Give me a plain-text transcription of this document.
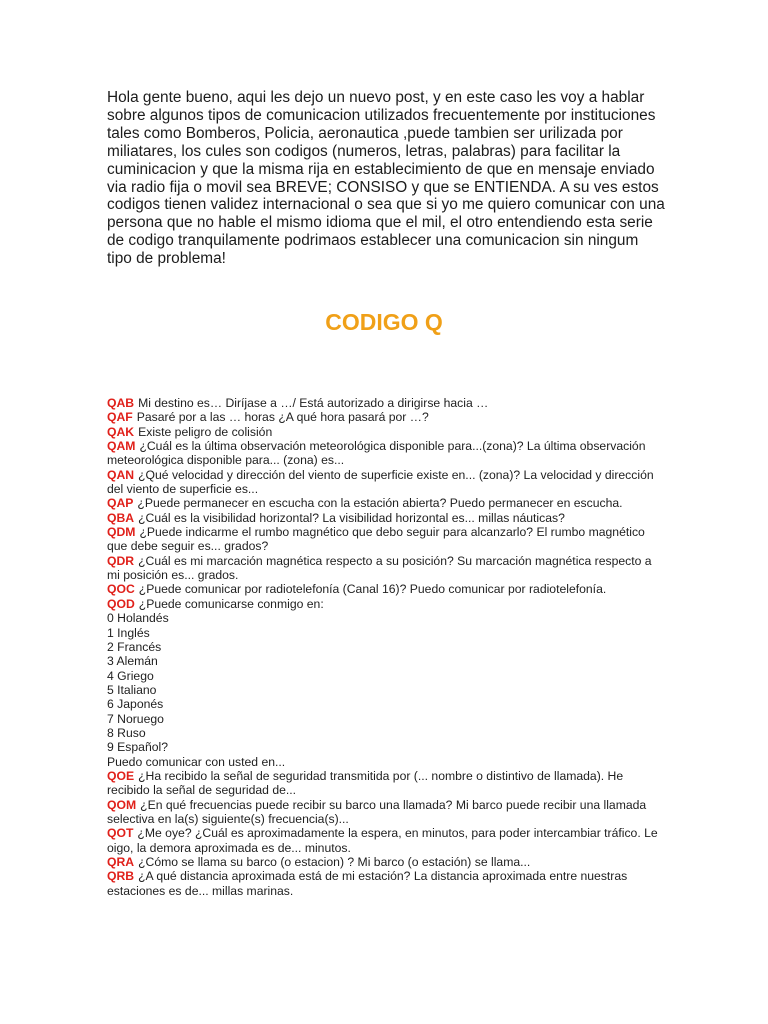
Hola gente bueno, aqui les dejo un nuevo post, y en este caso les voy a hablar sobre algunos tipos de comunicacion utilizados frecuentemente por instituciones tales como Bomberos, Policia, aeronautica ,puede tambien ser urilizada por miliatares, los cules son codigos (numeros, letras, palabras) para facilitar la cuminicacion y que la misma rija en establecimiento de que en mensaje enviado via radio fija o movil sea BREVE; CONSISO y que se ENTIENDA. A su ves estos codigos tienen validez internacional o sea que si yo me quiero comunicar con una persona que no hable el mismo idioma que el mil, el otro entendiendo esta serie de codigo tranquilamente podrimaos establecer una comunicacion sin ningum tipo de problema!

CODIGO Q
QAB Mi destino es… Diríjase a …/ Está autorizado a dirigirse hacia …
QAF Pasaré por a las … horas ¿A qué hora pasará por …?
QAK Existe peligro de colisión
QAM ¿Cuál es la última observación meteorológica disponible para...(zona)? La última observación meteorológica disponible para... (zona) es...
QAN ¿Qué velocidad y dirección del viento de superficie existe en... (zona)? La velocidad y dirección del viento de superficie es...
QAP ¿Puede permanecer en escucha con la estación abierta? Puedo permanecer en escucha.
QBA ¿Cuál es la visibilidad horizontal? La visibilidad horizontal es... millas náuticas?
QDM ¿Puede indicarme el rumbo magnético que debo seguir para alcanzarlo? El rumbo magnético que debe seguir es... grados?
QDR ¿Cuál es mi marcación magnética respecto a su posición? Su marcación magnética respecto a mi posición es... grados.
QOC ¿Puede comunicar por radiotelefonía (Canal 16)? Puedo comunicar por radiotelefonía.
QOD ¿Puede comunicarse conmigo en:
0 Holandés
1 Inglés
2 Francés
3 Alemán
4 Griego
5 Italiano
6 Japonés
7 Noruego
8 Ruso
9 Español?
Puedo comunicar con usted en...
QOE ¿Ha recibido la señal de seguridad transmitida por (... nombre o distintivo de llamada). He recibido la señal de seguridad de...
QOM ¿En qué frecuencias puede recibir su barco una llamada? Mi barco puede recibir una llamada selectiva en la(s) siguiente(s) frecuencia(s)...
QOT ¿Me oye? ¿Cuál es aproximadamente la espera, en minutos, para poder intercambiar tráfico. Le oigo, la demora aproximada es de... minutos.
QRA ¿Cómo se llama su barco (o estacion) ? Mi barco (o estación) se llama...
QRB ¿A qué distancia aproximada está de mi estación? La distancia aproximada entre nuestras estaciones es de... millas marinas.
